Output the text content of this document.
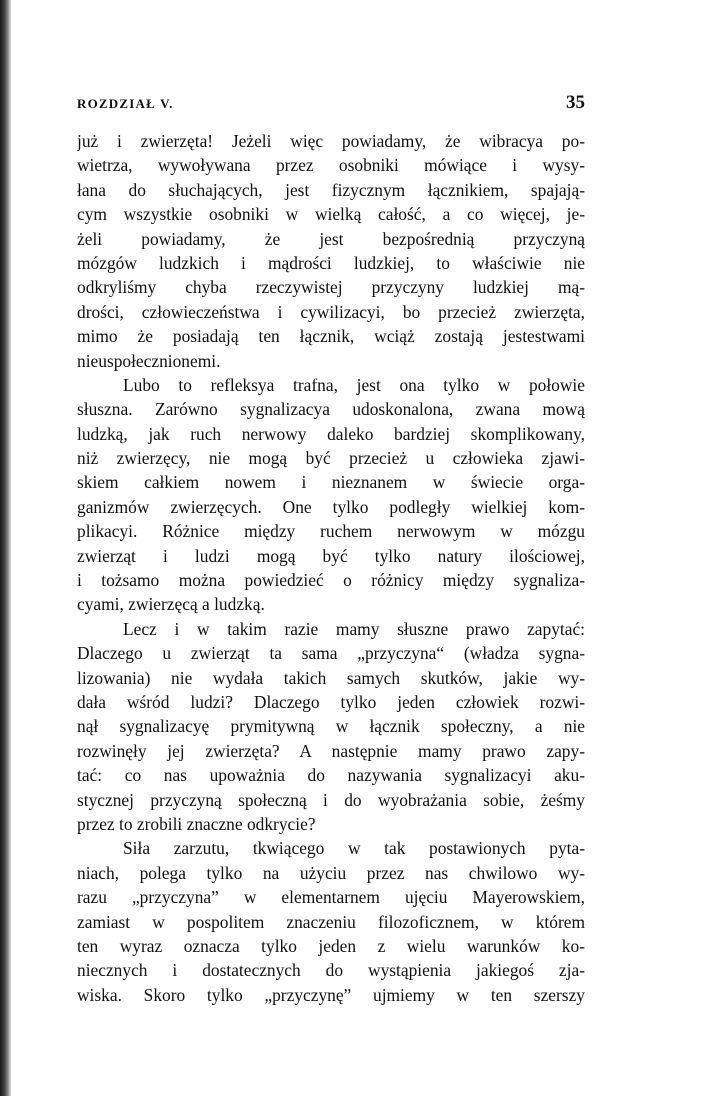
ROZDZIAŁ V.	35
już i zwierzęta! Jeżeli więc powiadamy, że wibracya po-
wietrza, wywoływana przez osobniki mówiące i wysy-
łana do słuchających, jest fizycznym łącznikiem, spajają-
cym wszystkie osobniki w wielką całość, a co więcej, je-
żeli powiadamy, że jest bezpośrednią przyczyną
mózgów ludzkich i mądrości ludzkiej, to właściwie nie
odkryliśmy chyba rzeczywistej przyczyny ludzkiej mą-
drości, człowieczeństwa i cywilizacyi, bo przecież zwierzęta,
mimo że posiadają ten łącznik, wciąż zostają jestestwami
nieuspołecznionemi.
Lubo to refleksya trafna, jest ona tylko w połowie
słuszna. Zarówno sygnalizacya udoskonalona, zwana mową
ludzką, jak ruch nerwowy daleko bardziej skomplikowany,
niż zwierzęcy, nie mogą być przecież u człowieka zjawi-
skiem całkiem nowem i nieznanem w świecie orga-
ganizmów zwierzęcych. One tylko podległy wielkiej kom-
plikacyi. Różnice między ruchem nerwowym w mózgu
zwierząt i ludzi mogą być tylko natury ilościowej,
i tożsamo można powiedzieć o różnicy między sygnaliza-
cyami, zwierzęcą a ludzką.
Lecz i w takim razie mamy słuszne prawo zapytać:
Dlaczego u zwierząt ta sama „przyczyna“ (władza sygna-
lizowania) nie wydała takich samych skutków, jakie wy-
dała wśród ludzi? Dlaczego tylko jeden człowiek rozwi-
nął sygnalizacyę prymitywną w łącznik społeczny, a nie
rozwinęły jej zwierzęta? A następnie mamy prawo zapy-
tać: co nas upoważnia do nazywania sygnalizacyi aku-
stycznej przyczyną społeczną i do wyobrażania sobie, żeśmy
przez to zrobili znaczne odkrycie?
Siła zarzutu, tkwiącego w tak postawionych pyta-
niach, polega tylko na użyciu przez nas chwilowo wy-
razu „przyczyna” w elementarnem ujęciu Mayerowskiem,
zamiast w pospolitem znaczeniu filozoficznem, w którem
ten wyraz oznacza tylko jeden z wielu warunków ko-
niecznych i dostatecznych do wystąpienia jakiegoś zja-
wiska. Skoro tylko „przyczynę” ujmiemy w ten szerszy
